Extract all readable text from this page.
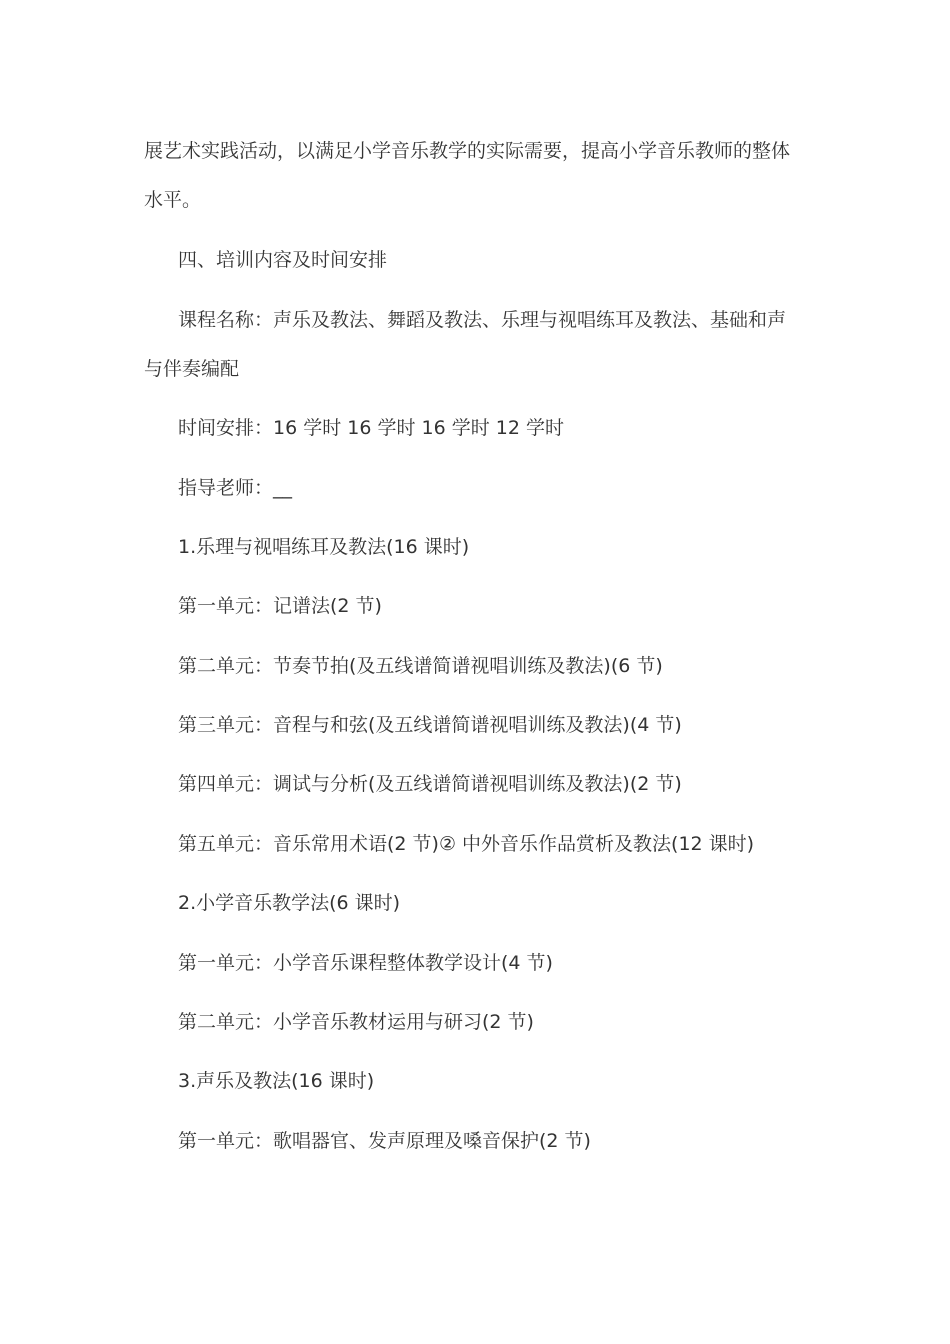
展艺术实践活动，以满足小学音乐教学的实际需要，提高小学音乐教师的整体
水平。
四、培训内容及时间安排
课程名称：声乐及教法、舞蹈及教法、乐理与视唱练耳及教法、基础和声
与伴奏编配
时间安排：16 学时 16 学时 16 学时 12 学时
指导老师：__
1.乐理与视唱练耳及教法(16 课时)
第一单元：记谱法(2 节)
第二单元：节奏节拍(及五线谱简谱视唱训练及教法)(6 节)
第三单元：音程与和弦(及五线谱简谱视唱训练及教法)(4 节)
第四单元：调试与分析(及五线谱简谱视唱训练及教法)(2 节)
第五单元：音乐常用术语(2 节)② 中外音乐作品赏析及教法(12 课时)
2.小学音乐教学法(6 课时)
第一单元：小学音乐课程整体教学设计(4 节)
第二单元：小学音乐教材运用与研习(2 节)
3.声乐及教法(16 课时)
第一单元：歌唱器官、发声原理及嗓音保护(2 节)
